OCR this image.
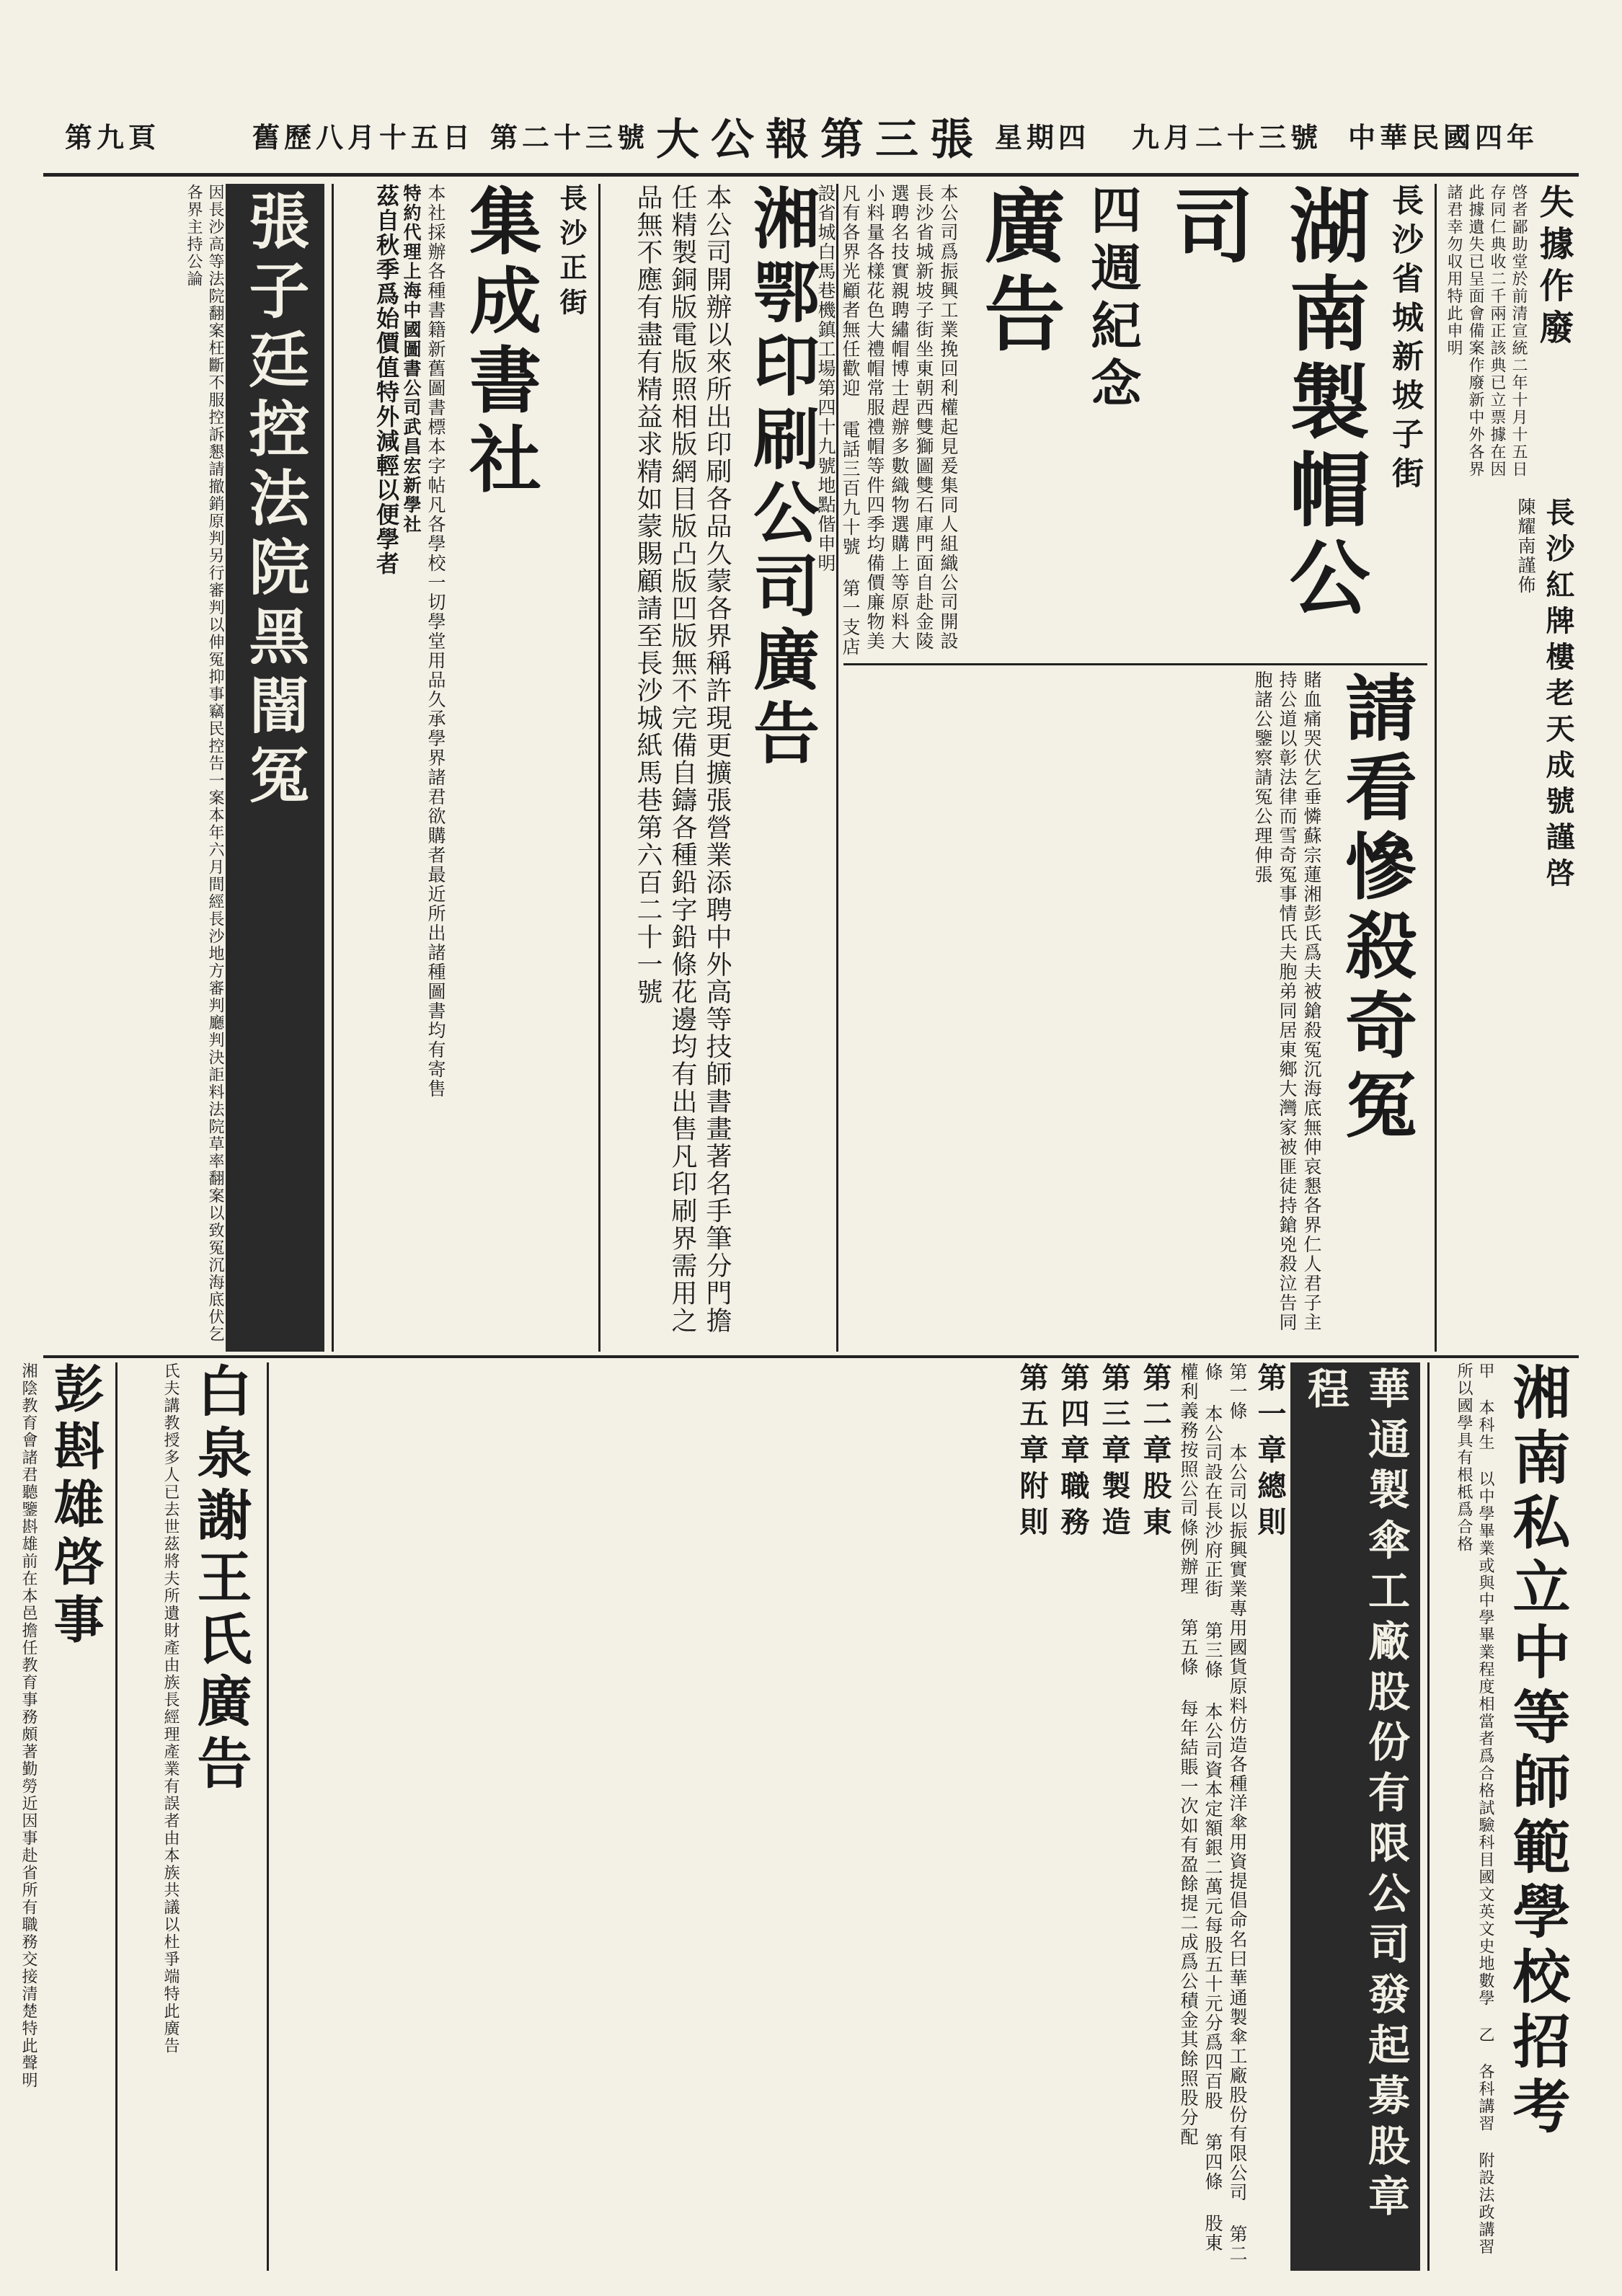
第九頁	舊歷八月十五日 第二十三號 大公報第三張 星期四 九月二十三號 中華民國四年
失據作廢
啓者鄙助堂於前清宣統二年十月十五日存同仁典收二千兩正該典已立票據在因此據遺失已呈面會備案作廢新中外各界諸君幸勿収用特此申明
長沙紅牌樓老天成號謹啓
陳耀南謹佈
長沙省城新坡子街
湖南製帽公司
四週紀念
廣告
本公司爲振興工業挽回利權起見爰集同人組織公司開設長沙省城新坡子街坐東朝西雙獅圖雙石庫門面自赴金陵選聘名技實親聘繡帽博士趕辦多數織物選購上等原料大小料量各樣花色大禮帽常服禮帽等件四季均備價廉物美凡有各界光顧者無任歡迎 電話三百九十號 第一支店設省城白馬巷機鎮工場第四十九號地點偕申明
請看慘殺奇冤
賭血痛哭伏乞垂憐蘇宗蓮湘彭氏爲夫被鎗殺冤沉海底無伸哀懇各界仁人君子主持公道以彰法律而雪奇冤事情氏夫胞弟同居東鄉大灣家被匪徒持鎗兇殺泣告同胞諸公鑒察請冤公理伸張
湘鄂印刷公司廣告
本公司開辦以來所出印刷各品久蒙各界稱許現更擴張營業添聘中外高等技師書畫著名手筆分門擔任精製銅版電版照相版網目版凸版凹版無不完備自鑄各種鉛字鉛條花邊均有出售凡印刷界需用之品無不應有盡有精益求精如蒙賜顧請至長沙城紙馬巷第六百二十一號
長沙正街
集成書社
本社採辦各種書籍新舊圖書標本字帖凡各學校一切學堂用品久承學界諸君欲購者最近所出諸種圖書均有寄售
特約代理上海中國圖書公司武昌宏新學社
茲自秋季爲始價值特外減輕以便學者
張子廷控法院黑闇冤
因長沙高等法院翻案枉斷不服控訴懇請撤銷原判另行審判以伸冤抑事竊民控告一案本年六月間經長沙地方審判廳判決詎料法院草率翻案以致冤沉海底伏乞各界主持公論
湘南私立中等師範學校招考
甲 本科生 以中學畢業或與中學畢業程度相當者爲合格試驗科目國文英文史地數學 乙 各科講習 附設法政講習所以國學具有根柢爲合格
華通製傘工廠股份有限公司發起募股章程
第一章總則
第一條 本公司以振興實業專用國貨原料仿造各種洋傘用資提倡命名曰華通製傘工廠股份有限公司 第二條 本公司設在長沙府正街 第三條 本公司資本定額銀二萬元每股五十元分爲四百股 第四條 股東權利義務按照公司條例辦理 第五條 每年結賬一次如有盈餘提二成爲公積金其餘照股分配
第二章股東
第三章製造
第四章職務
第五章附則
白泉謝王氏廣告
氏夫講教授多人已去世茲將夫所遺財產由族長經理產業有誤者由本族共議以杜爭端特此廣告
彭斟雄啓事
湘陰教育會諸君聽鑒斟雄前在本邑擔任教育事務頗著勤勞近因事赴省所有職務交接清楚特此聲明
